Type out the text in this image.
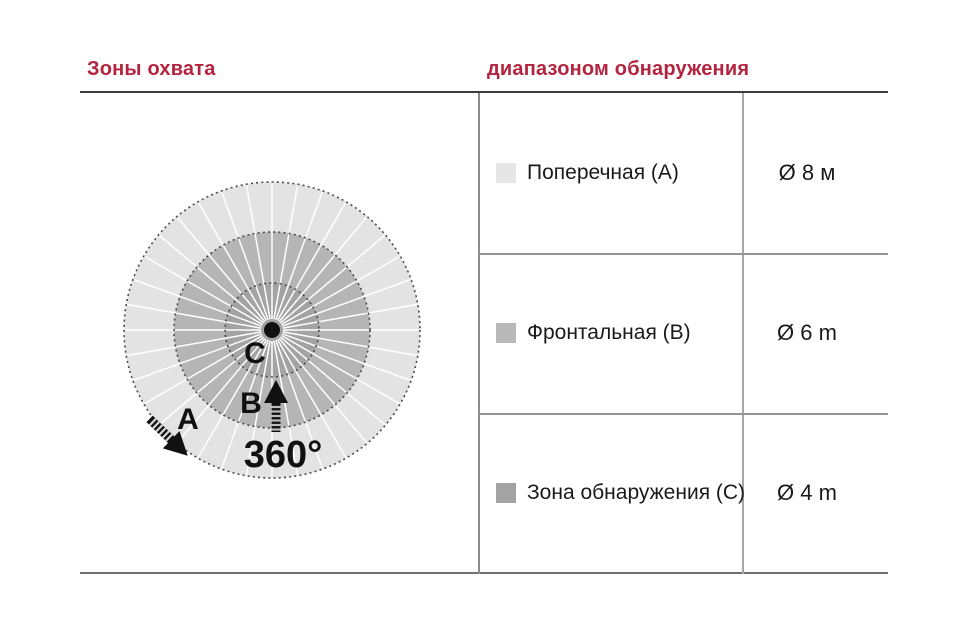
Зоны охвата	диапазоном обнаружения
C
B
A
360°
Поперечная (A)	Ø 8 м
Фронтальная (B)	Ø 6 m
Зона обнаружения (C)	Ø 4 m
